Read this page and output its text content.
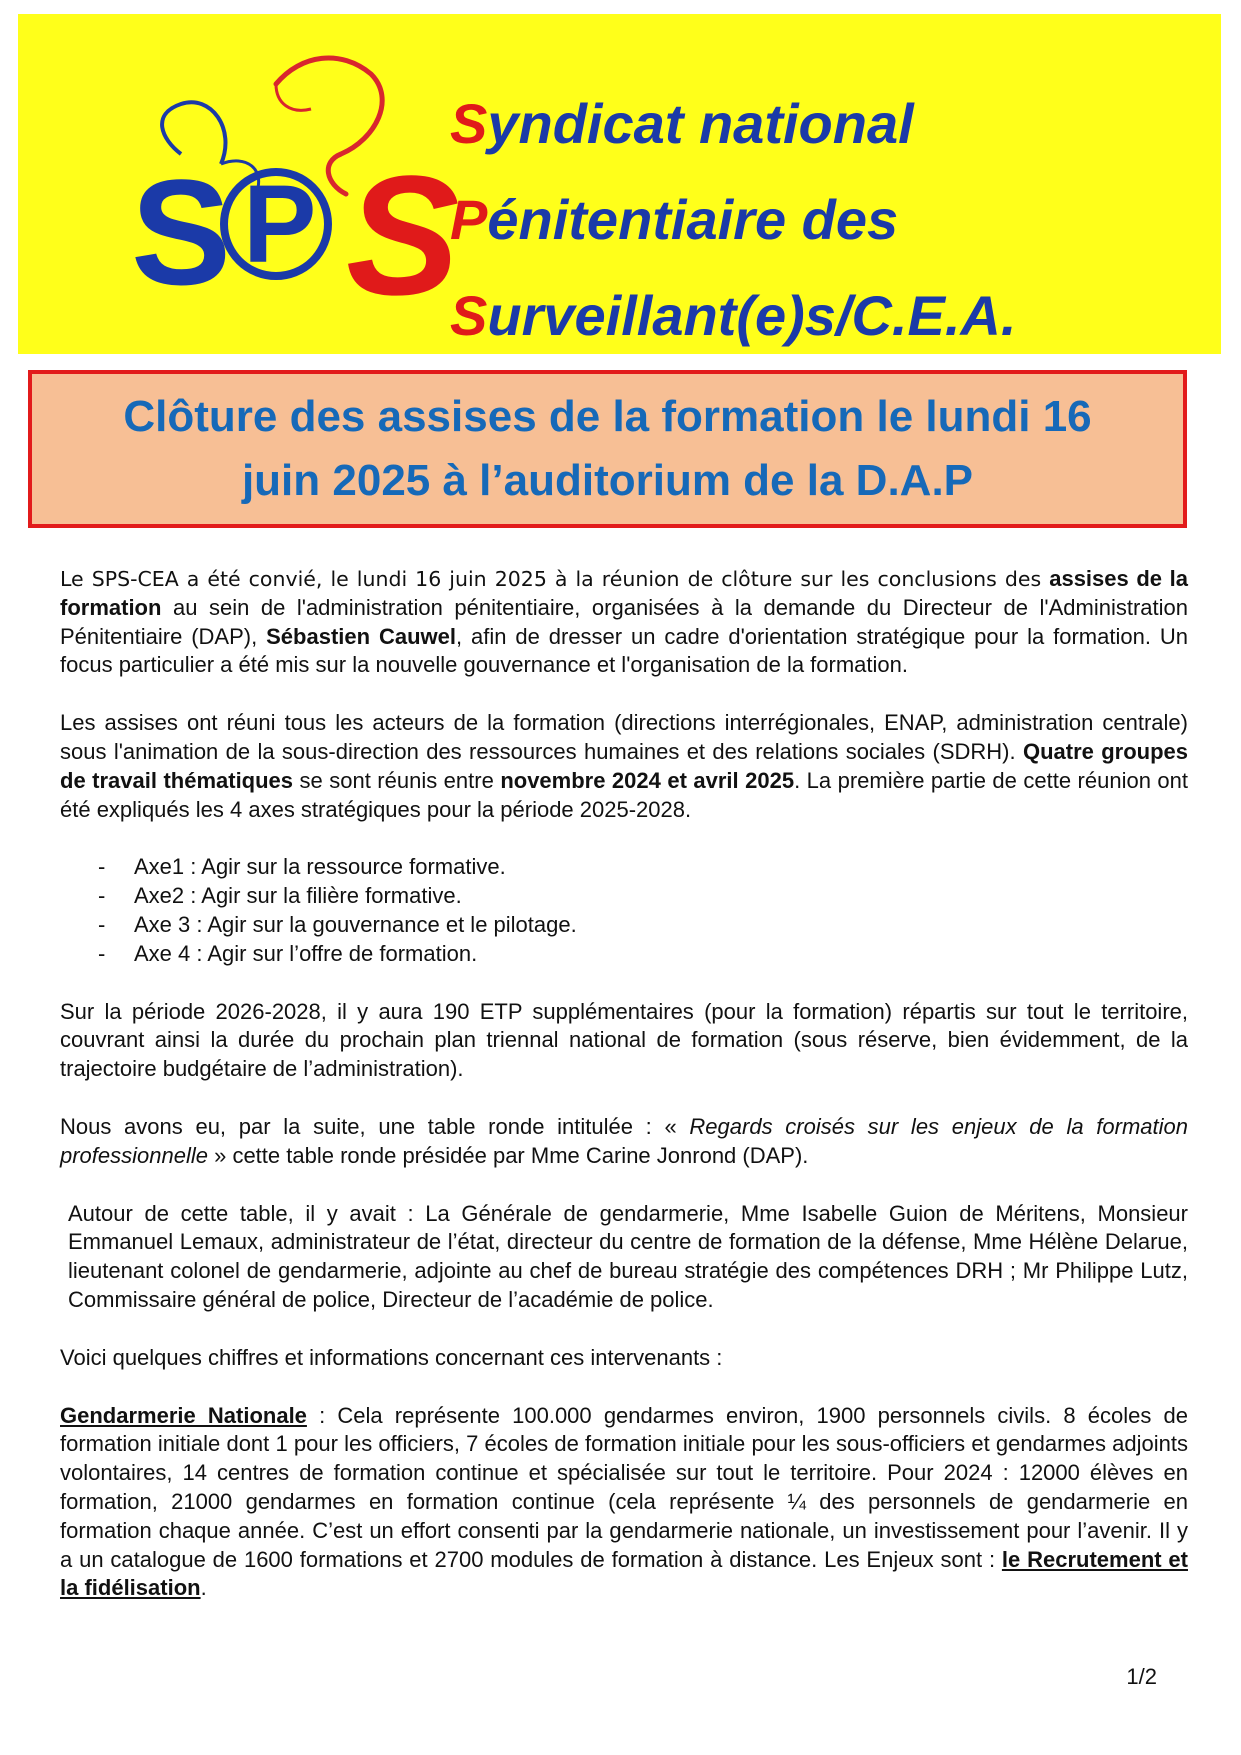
S P S
Syndicat national
Pénitentiaire des
Surveillant(e)s/C.E.A.
Clôture des assises de la formation le lundi 16
juin 2025 à l’auditorium de la D.A.P

Le SPS-CEA a été convié, le lundi 16 juin 2025 à la réunion de clôture sur les conclusions des assises de la formation au sein de l'administration pénitentiaire, organisées à la demande du Directeur de l'Administration Pénitentiaire (DAP), Sébastien Cauwel, afin de dresser un cadre d'orientation stratégique pour la formation. Un focus particulier a été mis sur la nouvelle gouvernance et l'organisation de la formation.

Les assises ont réuni tous les acteurs de la formation (directions interrégionales, ENAP, administration centrale) sous l'animation de la sous-direction des ressources humaines et des relations sociales (SDRH). Quatre groupes de travail thématiques se sont réunis entre novembre 2024 et avril 2025. La première partie de cette réunion ont été expliqués les 4 axes stratégiques pour la période 2025-2028.

- Axe1 : Agir sur la ressource formative.
- Axe2 : Agir sur la filière formative.
- Axe 3 : Agir sur la gouvernance et le pilotage.
- Axe 4 : Agir sur l’offre de formation.

Sur la période 2026-2028, il y aura 190 ETP supplémentaires (pour la formation) répartis sur tout le territoire, couvrant ainsi la durée du prochain plan triennal national de formation (sous réserve, bien évidemment, de la trajectoire budgétaire de l’administration).

Nous avons eu, par la suite, une table ronde intitulée : « Regards croisés sur les enjeux de la formation professionnelle » cette table ronde présidée par Mme Carine Jonrond (DAP).

Autour de cette table, il y avait : La Générale de gendarmerie, Mme Isabelle Guion de Méritens, Monsieur Emmanuel Lemaux, administrateur de l’état, directeur du centre de formation de la défense, Mme Hélène Delarue, lieutenant colonel de gendarmerie, adjointe au chef de bureau stratégie des compétences DRH ; Mr Philippe Lutz, Commissaire général de police, Directeur de l’académie de police.

Voici quelques chiffres et informations concernant ces intervenants :

Gendarmerie Nationale : Cela représente 100.000 gendarmes environ, 1900 personnels civils. 8 écoles de formation initiale dont 1 pour les officiers, 7 écoles de formation initiale pour les sous-officiers et gendarmes adjoints volontaires, 14 centres de formation continue et spécialisée sur tout le territoire. Pour 2024 : 12000 élèves en formation, 21000 gendarmes en formation continue (cela représente ¼ des personnels de gendarmerie en formation chaque année. C’est un effort consenti par la gendarmerie nationale, un investissement pour l’avenir. Il y a un catalogue de 1600 formations et 2700 modules de formation à distance. Les Enjeux sont : le Recrutement et la fidélisation.

1/2
